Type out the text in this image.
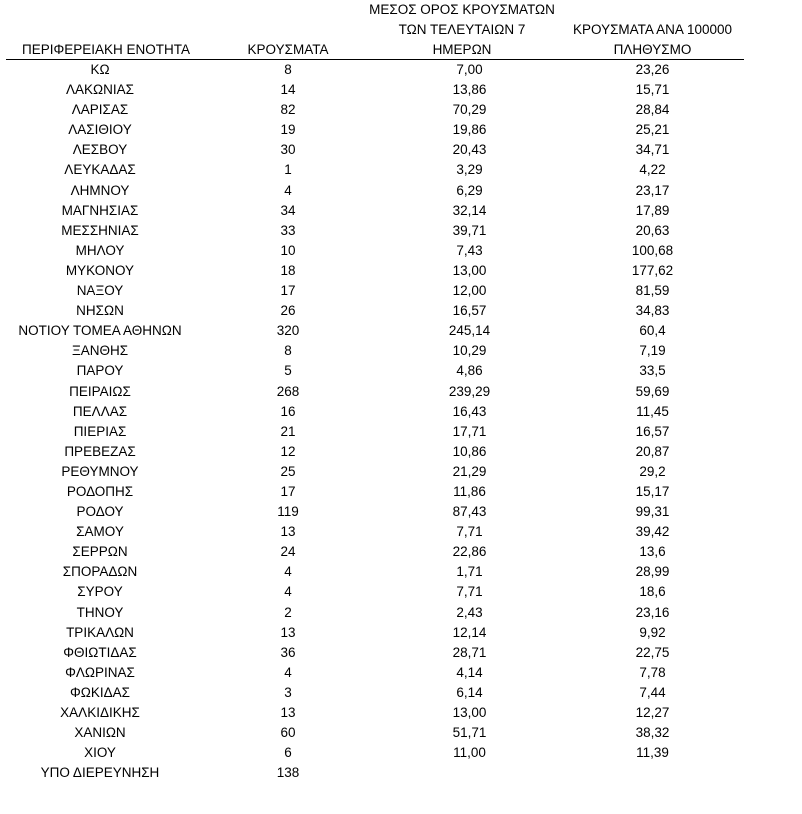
ΠΕΡΙΦΕΡΕΙΑΚΗ ΕΝΟΤΗΤΑ	ΚΡΟΥΣΜΑΤΑ
ΜΕΣΟΣ ΟΡΟΣ ΚΡΟΥΣΜΑΤΩΝ
ΤΩΝ ΤΕΛΕΥΤΑΙΩΝ 7
ΗΜΕΡΩΝ
ΚΡΟΥΣΜΑΤΑ ΑΝΑ 100000
ΠΛΗΘΥΣΜΟ
ΚΩ	8	7,00	23,26
ΛΑΚΩΝΙΑΣ	14	13,86	15,71
ΛΑΡΙΣΑΣ	82	70,29	28,84
ΛΑΣΙΘΙΟΥ	19	19,86	25,21
ΛΕΣΒΟΥ	30	20,43	34,71
ΛΕΥΚΑΔΑΣ	1	3,29	4,22
ΛΗΜΝΟΥ	4	6,29	23,17
ΜΑΓΝΗΣΙΑΣ	34	32,14	17,89
ΜΕΣΣΗΝΙΑΣ	33	39,71	20,63
ΜΗΛΟΥ	10	7,43	100,68
ΜΥΚΟΝΟΥ	18	13,00	177,62
ΝΑΞΟΥ	17	12,00	81,59
ΝΗΣΩΝ	26	16,57	34,83
ΝΟΤΙΟΥ ΤΟΜΕΑ ΑΘΗΝΩΝ	320	245,14	60,4
ΞΑΝΘΗΣ	8	10,29	7,19
ΠΑΡΟΥ	5	4,86	33,5
ΠΕΙΡΑΙΩΣ	268	239,29	59,69
ΠΕΛΛΑΣ	16	16,43	11,45
ΠΙΕΡΙΑΣ	21	17,71	16,57
ΠΡΕΒΕΖΑΣ	12	10,86	20,87
ΡΕΘΥΜΝΟΥ	25	21,29	29,2
ΡΟΔΟΠΗΣ	17	11,86	15,17
ΡΟΔΟΥ	119	87,43	99,31
ΣΑΜΟΥ	13	7,71	39,42
ΣΕΡΡΩΝ	24	22,86	13,6
ΣΠΟΡΑΔΩΝ	4	1,71	28,99
ΣΥΡΟΥ	4	7,71	18,6
ΤΗΝΟΥ	2	2,43	23,16
ΤΡΙΚΑΛΩΝ	13	12,14	9,92
ΦΘΙΩΤΙΔΑΣ	36	28,71	22,75
ΦΛΩΡΙΝΑΣ	4	4,14	7,78
ΦΩΚΙΔΑΣ	3	6,14	7,44
ΧΑΛΚΙΔΙΚΗΣ	13	13,00	12,27
ΧΑΝΙΩΝ	60	51,71	38,32
ΧΙΟΥ	6	11,00	11,39
ΥΠΟ ΔΙΕΡΕΥΝΗΣΗ	138
